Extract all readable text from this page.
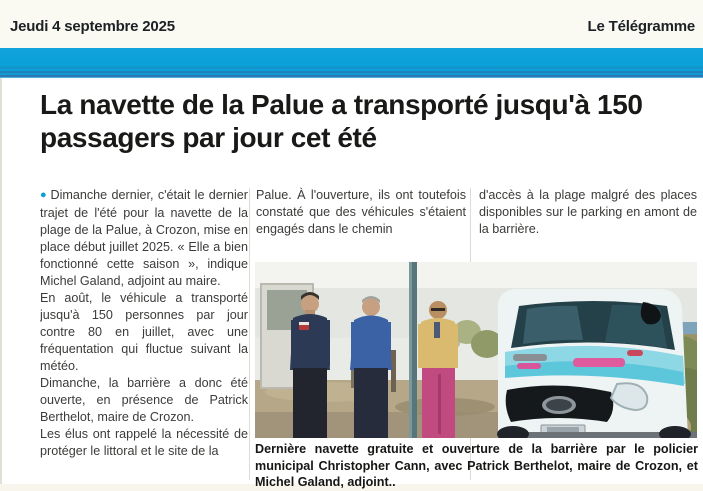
Jeudi 4 septembre 2025	Le Télégramme
La navette de la Palue a transporté jusqu'à 150 passagers par jour cet été

● Dimanche dernier, c'était le dernier trajet de l'été pour la navette de la plage de la Palue, à Crozon, mise en place début juillet 2025. « Elle a bien fonctionné cette saison », indique Michel Galand, adjoint au maire.

En août, le véhicule a transporté jusqu'à 150 personnes par jour contre 80 en juillet, avec une fréquentation qui fluctue suivant la météo.

Dimanche, la barrière a donc été ouverte, en présence de Patrick Berthelot, maire de Crozon.

Les élus ont rappelé la nécessité de protéger le littoral et le site de la

Palue. À l'ouverture, ils ont toutefois constaté que des véhicules s'étaient engagés dans le chemin

d'accès à la plage malgré des places disponibles sur le parking en amont de la barrière.

Dernière navette gratuite et ouverture de la barrière par le policier municipal Christopher Cann, avec Patrick Berthelot, maire de Crozon, et Michel Galand, adjoint..
